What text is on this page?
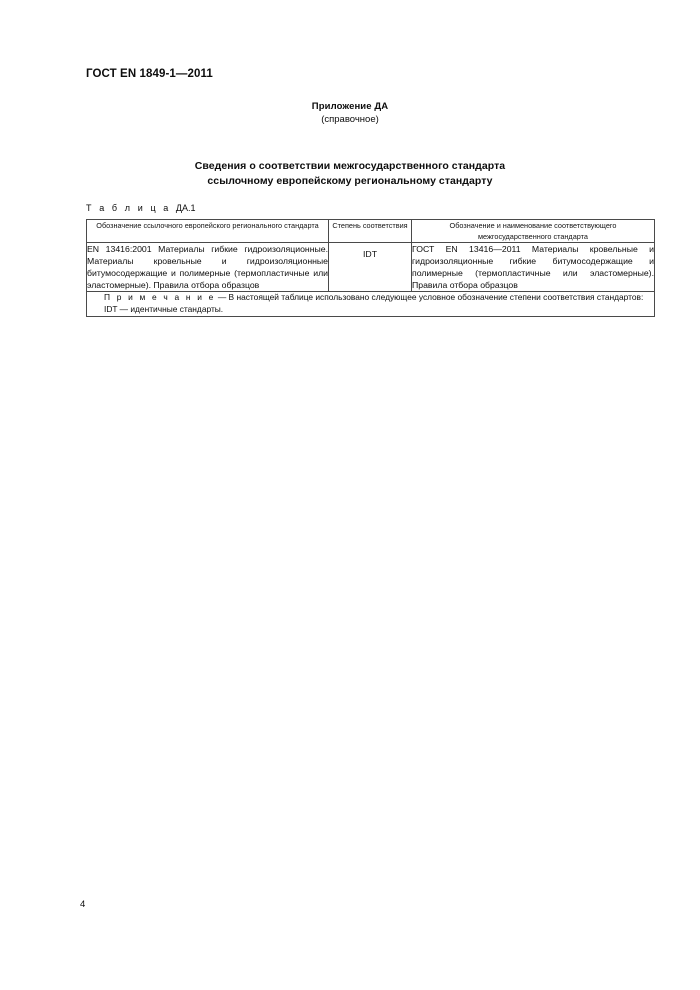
ГОСТ EN 1849-1—2011
Приложение ДА
(справочное)
Сведения о соответствии межгосударственного стандарта
ссылочному европейскому региональному стандарту
Т а б л и ц а ДА.1
Обозначение ссылочного европейского регионального стандарта	Степень соответствия	Обозначение и наименование соответствующего межгосударственного стандарта
EN 13416:2001 Материалы гибкие гидроизоляционные. Материалы кровельные и гидроизоляционные битумосодержащие и полимерные (термопластичные или эластомерные). Правила отбора образцов	IDT	ГОСТ EN 13416—2011 Материалы кровельные и гидроизоляционные гибкие битумосодержащие и полимерные (термопластичные или эластомерные). Правила отбора образцов

П р и м е ч а н и е — В настоящей таблице использовано следующее условное обозначение степени соответствия стандартов:

IDT — идентичные стандарты.		

4
